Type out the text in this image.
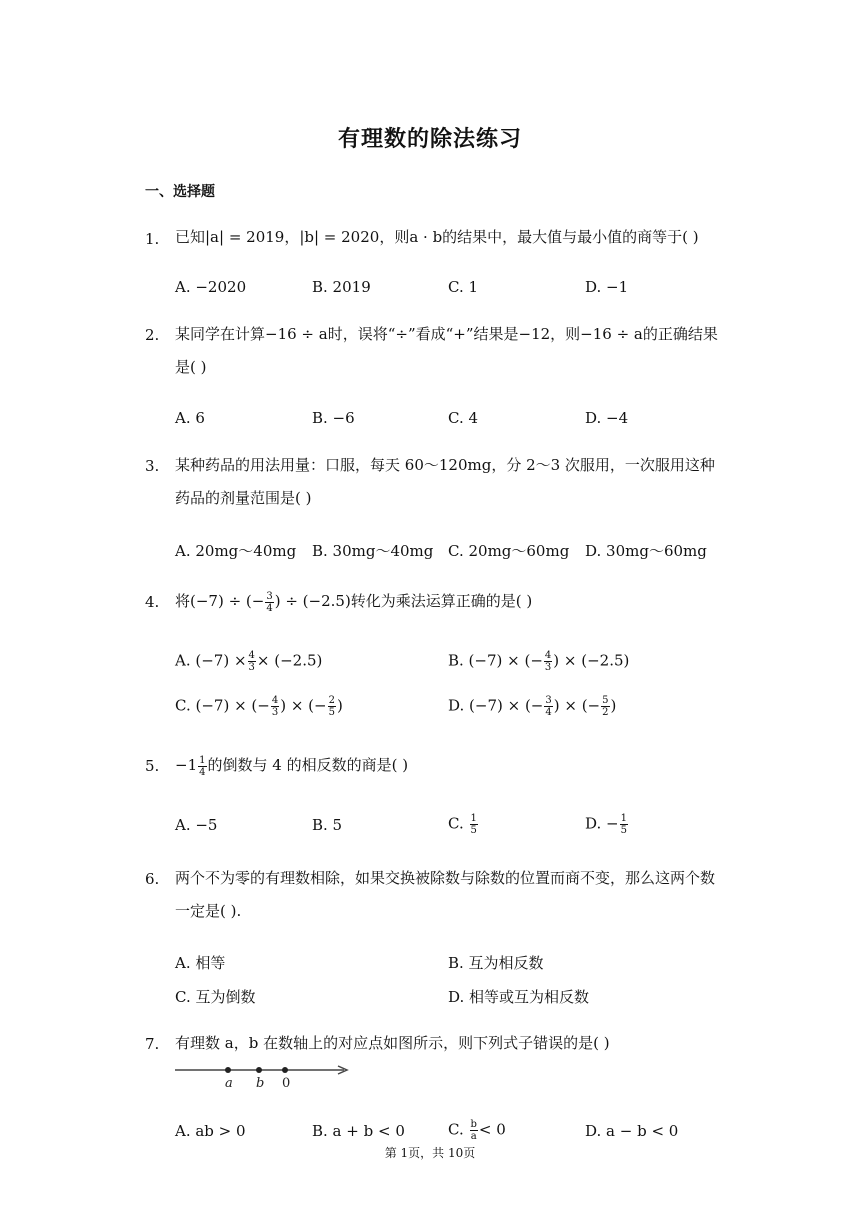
有理数的除法练习
一、选择题
1. 已知|a| = 2019，|b| = 2020，则a · b的结果中，最大值与最小值的商等于( )
A. −2020	B. 2019	C. 1	D. −1
2. 某同学在计算−16 ÷ a时，误将“÷”看成“+”结果是−12，则−16 ÷ a的正确结果是( )
A. 6	B. −6	C. 4	D. −4
3. 某种药品的用法用量：口服，每天 60～120mg，分 2～3 次服用，一次服用这种药品的剂量范围是( )
A. 20mg～40mg B. 30mg～40mg C. 20mg～60mg D. 30mg～60mg
4. 将(−7) ÷ (− $\frac{3}{4}$ ) ÷ (−2.5)转化为乘法运算正确的是( )
A. $(-7) \times \frac{4}{3} \times (-2.5)$	B. (−7) × (− $\frac{4}{3}$ ) × (−2.5)
C. (−7) × (− $\frac{4}{3}$ ) × (− $\frac{2}{5}$ )	D. (−7) × (− $\frac{3}{4}$ ) × (− $\frac{5}{2}$ )
5. $-1 \frac{1}{4}$ 的倒数与 4 的相反数的商是( )
A. −5	B. 5	C. $\frac{1}{5}$	D. − $\frac{1}{5}$
6. 两个不为零的有理数相除，如果交换被除数与除数的位置而商不变，那么这两个数一定是( ).
A. 相等	B. 互为相反数
C. 互为倒数	D. 相等或互为相反数
7. 有理数 a，b 在数轴上的对应点如图所示，则下列式子错误的是( )
a b 0
A. ab > 0	B. a + b < 0	C. $\frac{b}{a} < 0$	D. a − b < 0
第 1页，共 10页
